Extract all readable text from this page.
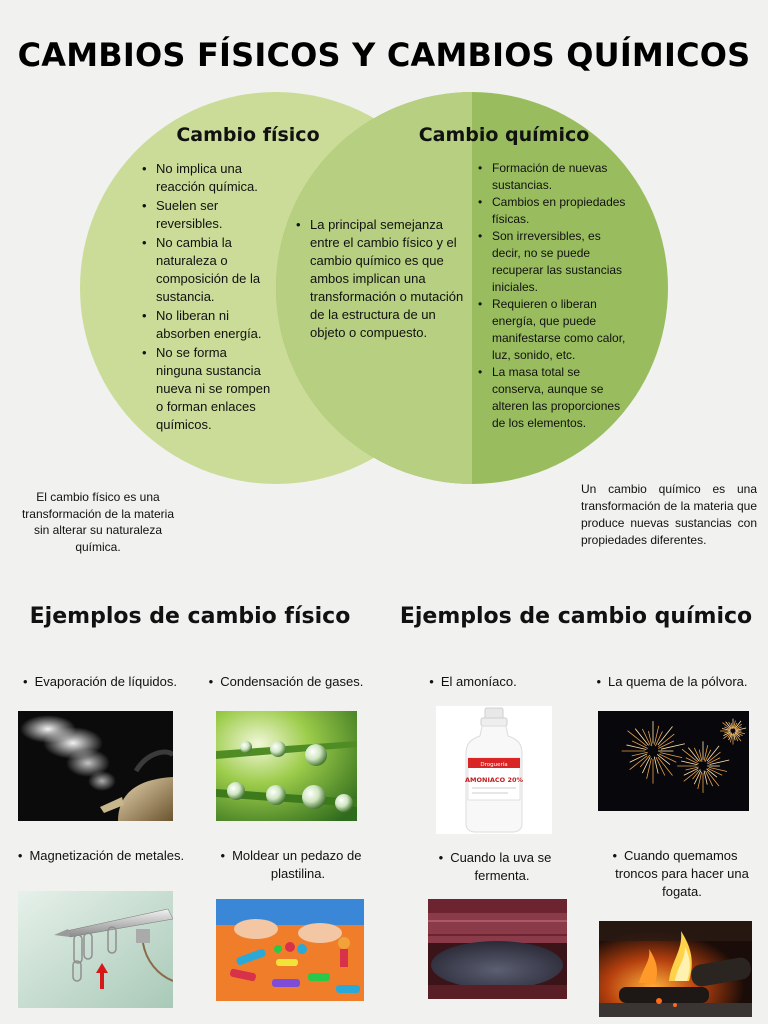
CAMBIOS FÍSICOS Y CAMBIOS QUÍMICOS
Cambio físico	Cambio químico
• No implica una reacción química.
• Suelen ser reversibles.
• No cambia la naturaleza o composición de la sustancia.
• No liberan ni absorben energía.
• No se forma ninguna sustancia nueva ni se rompen o forman enlaces químicos.
• La principal semejanza entre el cambio físico y el cambio químico es que ambos implican una transformación o mutación de la estructura de un objeto o compuesto.
• Formación de nuevas sustancias.
• Cambios en propiedades físicas.
• Son irreversibles, es decir, no se puede recuperar las sustancias iniciales.
• Requieren o liberan energía, que puede manifestarse como calor, luz, sonido, etc.
• La masa total se conserva, aunque se alteren las proporciones de los elementos.
El cambio físico es una transformación de la materia sin alterar su naturaleza química.
Un cambio químico es una transformación de la materia que produce nuevas sustancias con propiedades diferentes.
Ejemplos de cambio físico	Ejemplos de cambio químico
• Evaporación de líquidos.	• Condensación de gases.	• El amoníaco.	• La quema de la pólvora.
• Magnetización de metales.	• Moldear un pedazo de plastilina.
• Cuando la uva se fermenta.
• Cuando quemamos troncos para hacer una fogata.
Droguería
AMONIACO 20%
